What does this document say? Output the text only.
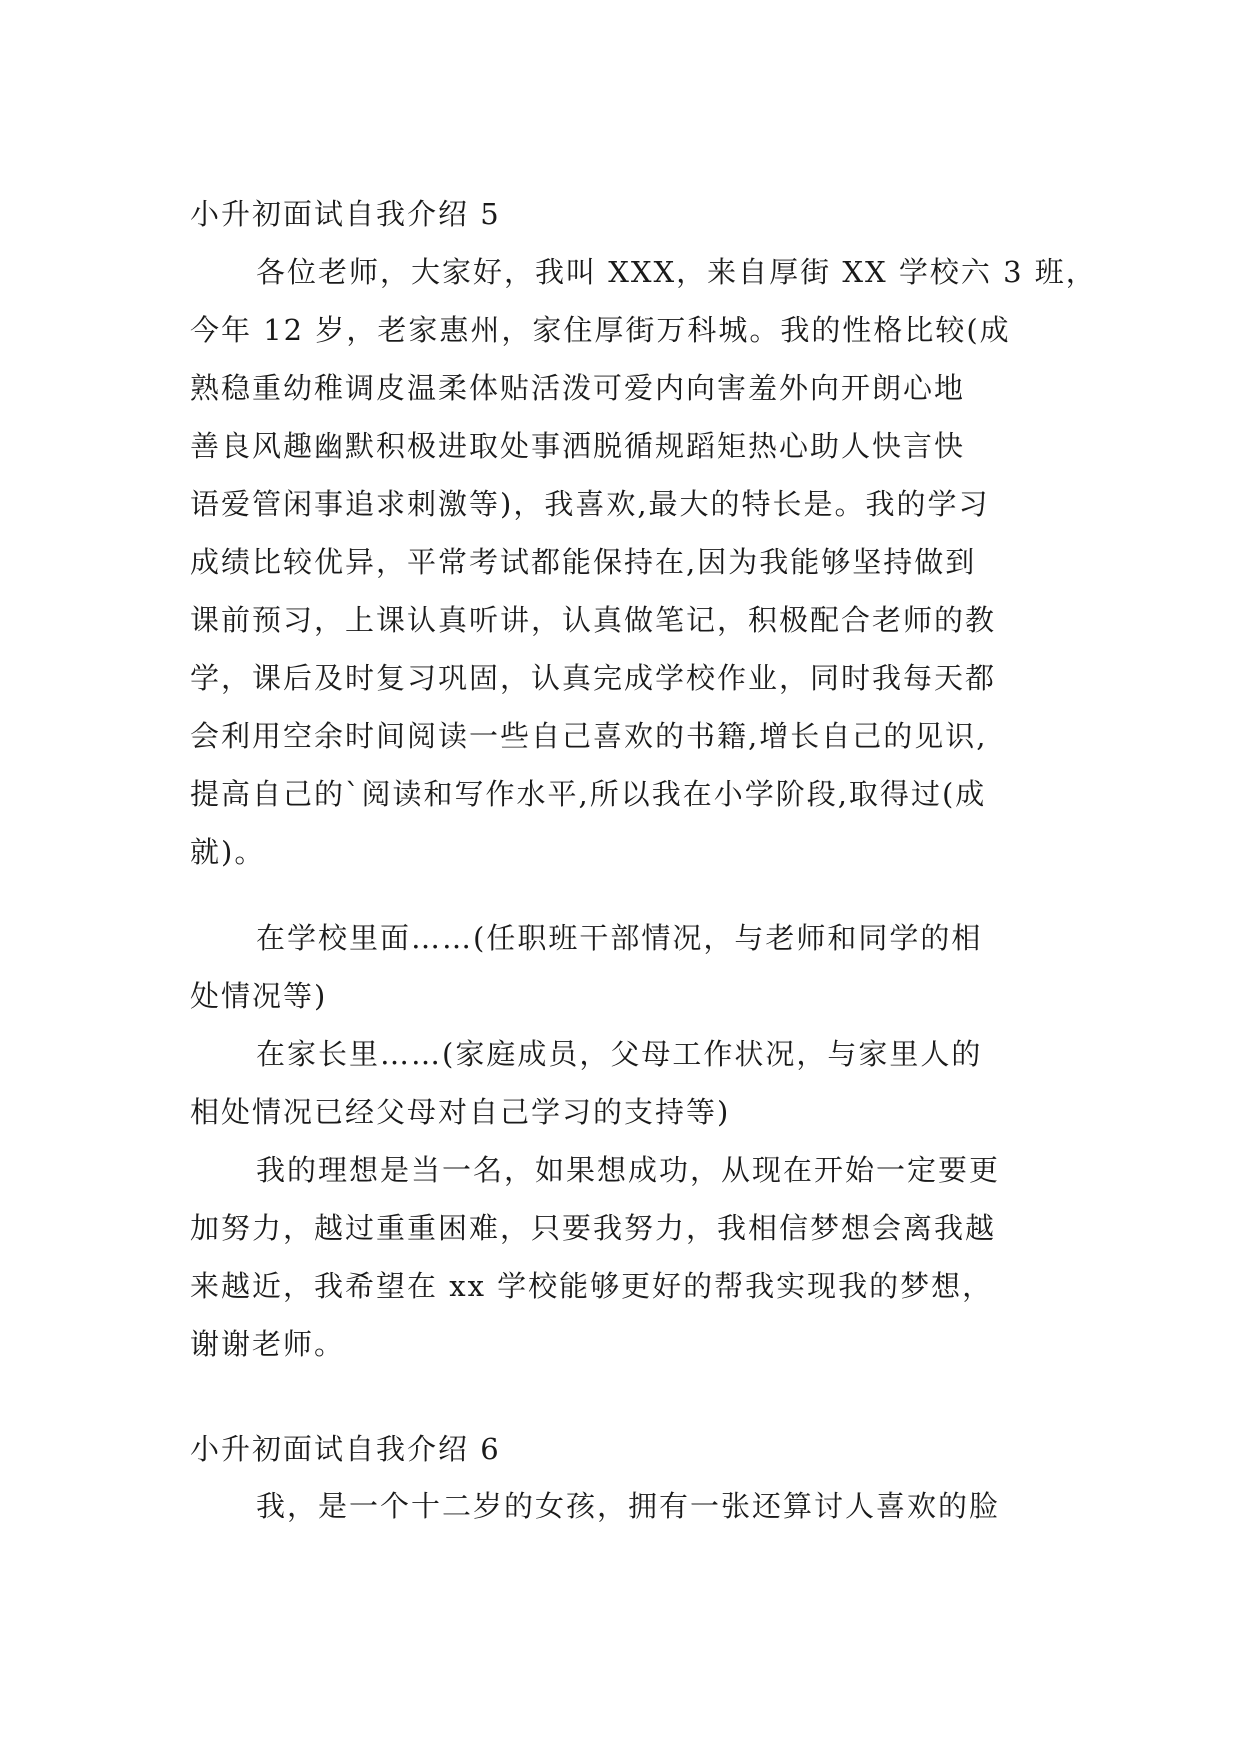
小升初面试自我介绍 5
各位老师，大家好，我叫 XXX，来自厚街 XX 学校六 3 班，
今年 12 岁，老家惠州，家住厚街万科城。我的性格比较(成
熟稳重幼稚调皮温柔体贴活泼可爱内向害羞外向开朗心地
善良风趣幽默积极进取处事洒脱循规蹈矩热心助人快言快
语爱管闲事追求刺激等)，我喜欢,最大的特长是。我的学习
成绩比较优异，平常考试都能保持在,因为我能够坚持做到
课前预习，上课认真听讲，认真做笔记，积极配合老师的教
学，课后及时复习巩固，认真完成学校作业，同时我每天都
会利用空余时间阅读一些自己喜欢的书籍,增长自己的见识,
提高自己的`阅读和写作水平,所以我在小学阶段,取得过(成
就)。
在学校里面……(任职班干部情况，与老师和同学的相
处情况等)
在家长里……(家庭成员，父母工作状况，与家里人的
相处情况已经父母对自己学习的支持等)
我的理想是当一名，如果想成功，从现在开始一定要更
加努力，越过重重困难，只要我努力，我相信梦想会离我越
来越近，我希望在 xx 学校能够更好的帮我实现我的梦想，
谢谢老师。
小升初面试自我介绍 6
我，是一个十二岁的女孩，拥有一张还算讨人喜欢的脸
